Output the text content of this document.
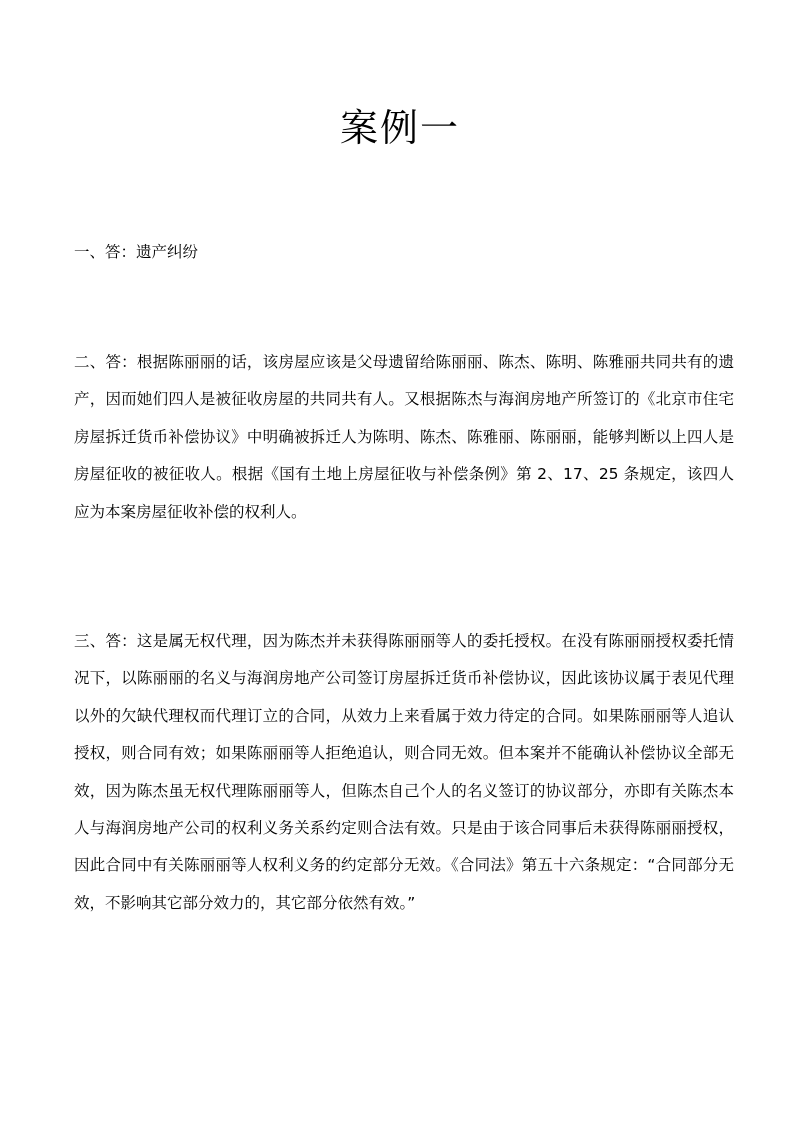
案例一

一、答：遗产纠纷

二、答：根据陈丽丽的话，该房屋应该是父母遗留给陈丽丽、陈杰、陈明、陈雅丽共同共有的遗产，因而她们四人是被征收房屋的共同共有人。又根据陈杰与海润房地产所签订的《北京市住宅房屋拆迁货币补偿协议》中明确被拆迁人为陈明、陈杰、陈雅丽、陈丽丽，能够判断以上四人是房屋征收的被征收人。根据《国有土地上房屋征收与补偿条例》第 2、17、25 条规定，该四人应为本案房屋征收补偿的权利人。

三、答：这是属无权代理，因为陈杰并未获得陈丽丽等人的委托授权。在没有陈丽丽授权委托情况下，以陈丽丽的名义与海润房地产公司签订房屋拆迁货币补偿协议，因此该协议属于表见代理以外的欠缺代理权而代理订立的合同，从效力上来看属于效力待定的合同。如果陈丽丽等人追认授权，则合同有效；如果陈丽丽等人拒绝追认，则合同无效。但本案并不能确认补偿协议全部无效，因为陈杰虽无权代理陈丽丽等人，但陈杰自己个人的名义签订的协议部分，亦即有关陈杰本人与海润房地产公司的权利义务关系约定则合法有效。只是由于该合同事后未获得陈丽丽授权，因此合同中有关陈丽丽等人权利义务的约定部分无效。《合同法》第五十六条规定：“合同部分无效，不影响其它部分效力的，其它部分依然有效。”
